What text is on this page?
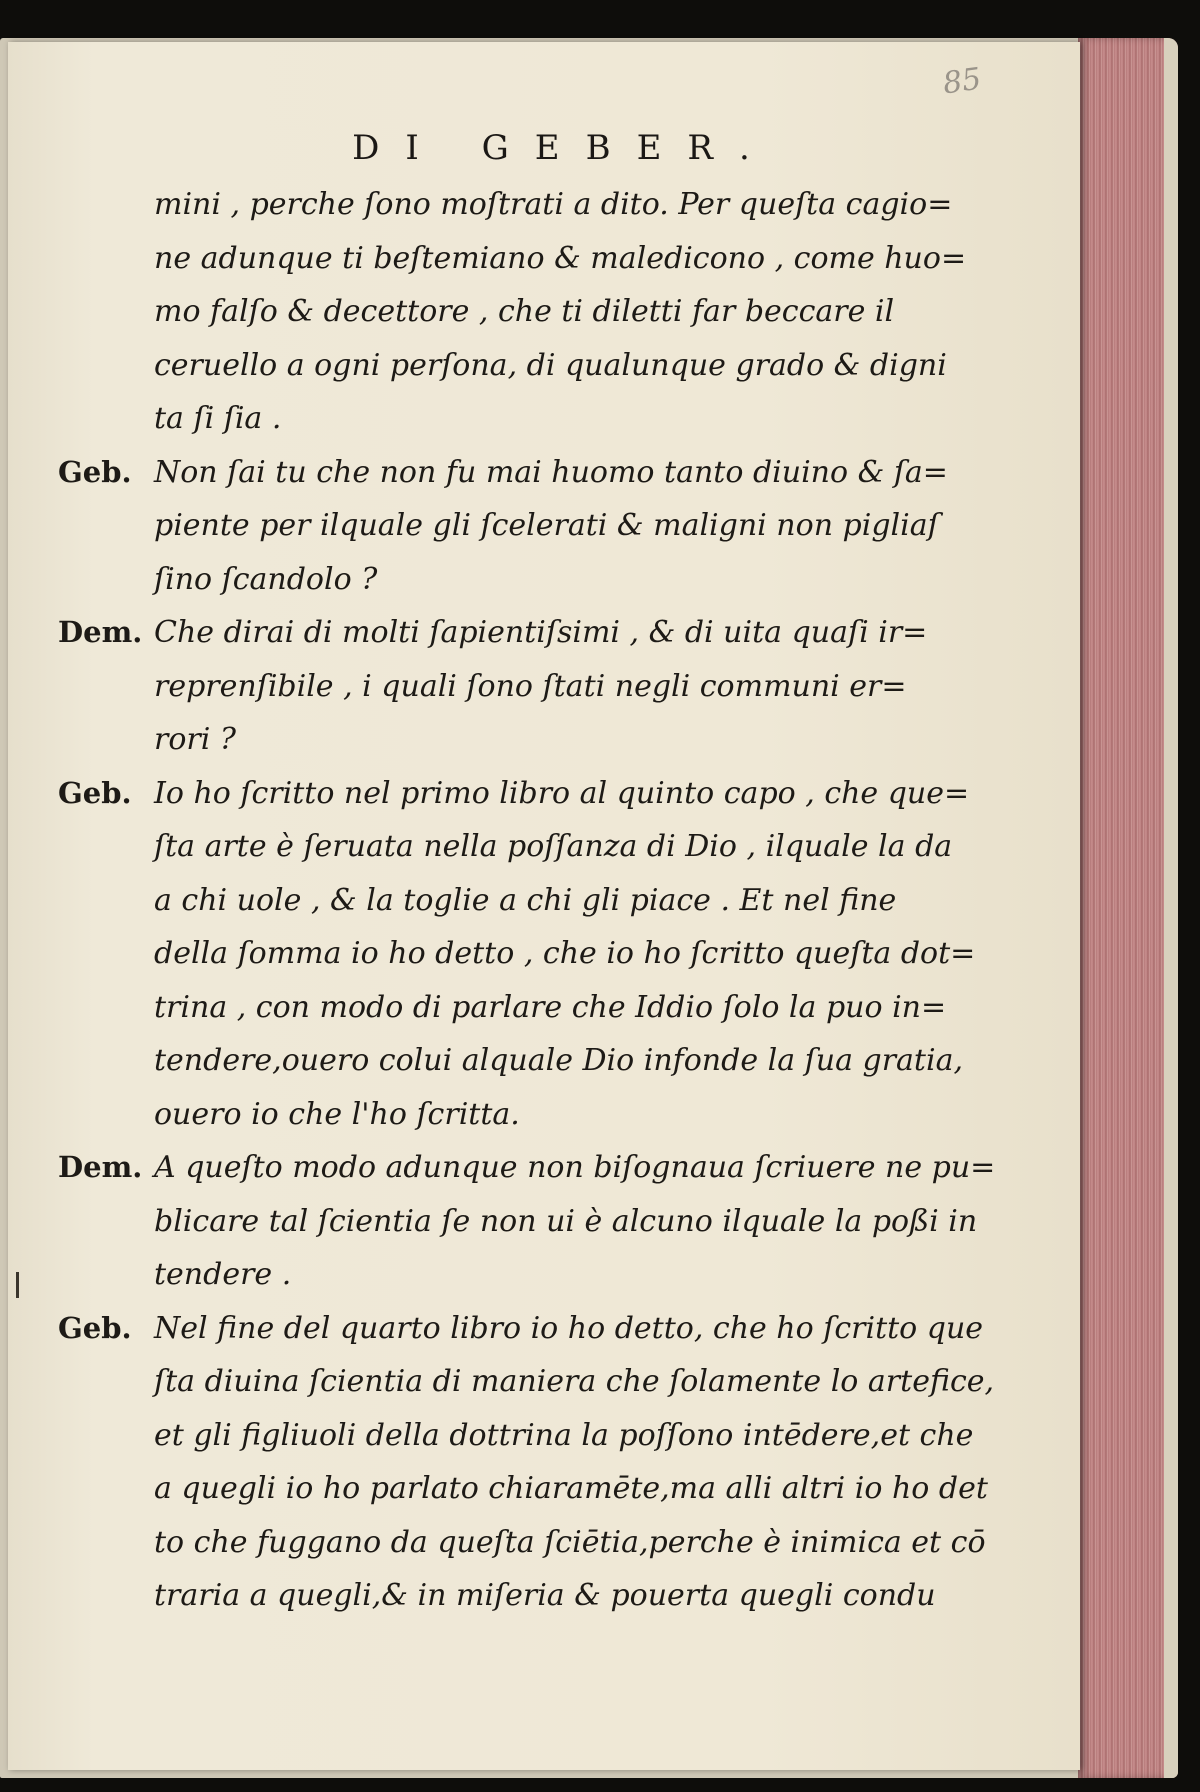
85
DI GEBER.
mini , perche ſono moſtrati a dito. Per queſta cagio=
ne adunque ti beſtemiano & maledicono , come huo=
mo falſo & decettore , che ti diletti far beccare il
ceruello a ogni perſona, di qualunque grado & digni
ta ſi ſia .
Geb. Non ſai tu che non fu mai huomo tanto diuino & ſa=
piente per ilquale gli ſcelerati & maligni non pigliaſ
ſino ſcandolo ?
Dem. Che dirai di molti ſapientiſsimi , & di uita quaſi ir=
reprenſibile , i quali ſono ſtati negli communi er=
rori ?
Geb. Io ho ſcritto nel primo libro al quinto capo , che que=
ſta arte è ſeruata nella poſſanza di Dio , ilquale la da
a chi uole , & la toglie a chi gli piace . Et nel fine
della ſomma io ho detto , che io ho ſcritto queſta dot=
trina , con modo di parlare che Iddio ſolo la puo in=
tendere,ouero colui alquale Dio infonde la ſua gratia,
ouero io che l'ho ſcritta.
Dem. A queſto modo adunque non biſognaua ſcriuere ne pu=
blicare tal ſcientia ſe non ui è alcuno ilquale la poßi in
tendere .
Geb. Nel fine del quarto libro io ho detto, che ho ſcritto que
ſta diuina ſcientia di maniera che ſolamente lo artefice,
et gli figliuoli della dottrina la poſſono intēdere,et che
a quegli io ho parlato chiaramēte,ma alli altri io ho det
to che fuggano da queſta ſciētia,perche è inimica et cō
traria a quegli,& in miſeria & pouerta quegli condu
